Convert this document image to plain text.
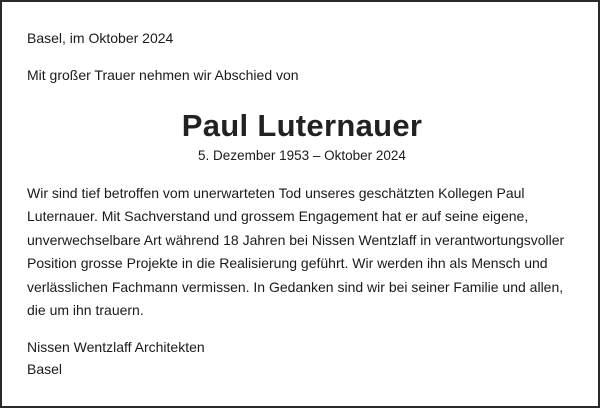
Basel, im Oktober 2024
Mit großer Trauer nehmen wir Abschied von
Paul Luternauer
5. Dezember 1953 – Oktober 2024
Wir sind tief betroffen vom unerwarteten Tod unseres geschätzten Kollegen Paul
Luternauer. Mit Sachverstand und grossem Engagement hat er auf seine eigene,
unverwechselbare Art während 18 Jahren bei Nissen Wentzlaff in verantwortungsvoller
Position grosse Projekte in die Realisierung geführt. Wir werden ihn als Mensch und
verlässlichen Fachmann vermissen. In Gedanken sind wir bei seiner Familie und allen,
die um ihn trauern.
Nissen Wentzlaff Architekten
Basel
